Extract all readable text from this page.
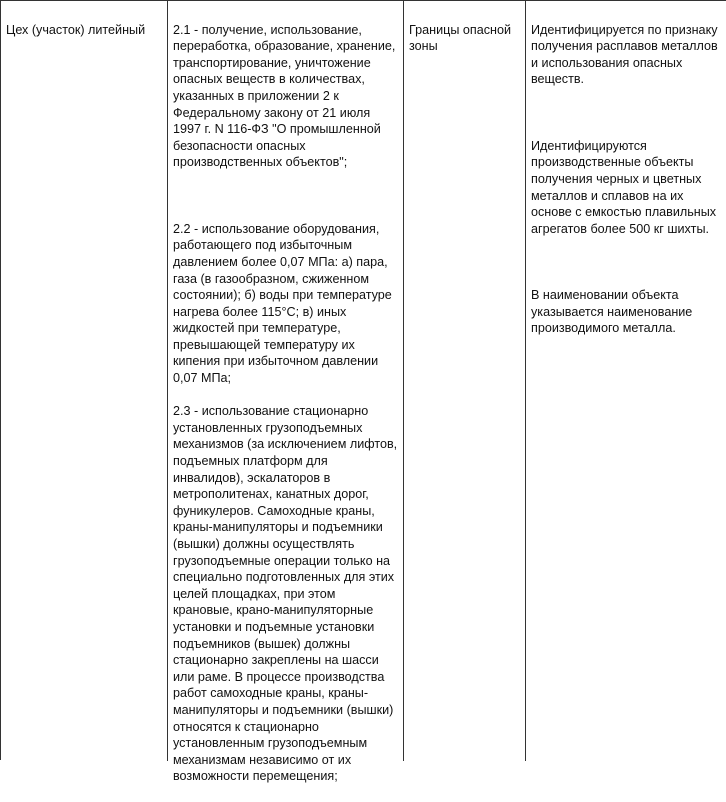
Цех (участок) литейный	2.1 - получение, использование, переработка, образование, хранение, транспортирование, уничтожение опасных веществ в количествах, указанных в приложении 2 к Федеральному закону от 21 июля 1997 г. N 116-ФЗ "О промышленной безопасности опасных производственных объектов";

2.2 - использование оборудования, работающего под избыточным давлением более 0,07 МПа: а) пара, газа (в газообразном, сжиженном состоянии); б) воды при температуре нагрева более 115°С; в) иных жидкостей при температуре, превышающей температуру их кипения при избыточном давлении 0,07 МПа;

2.3 - использование стационарно установленных грузоподъемных механизмов (за исключением лифтов, подъемных платформ для инвалидов), эскалаторов в метрополитенах, канатных дорог, фуникулеров. Самоходные краны, краны-манипуляторы и подъемники (вышки) должны осуществлять грузоподъемные операции только на специально подготовленных для этих целей площадках, при этом крановые, крано-манипуляторные установки и подъемные установки подъемников (вышек) должны стационарно закреплены на шасси или раме. В процессе производства работ самоходные краны, краны-манипуляторы и подъемники (вышки) относятся к стационарно установленным грузоподъемным механизмам независимо от их возможности перемещения;

Границы опасной зоны

Идентифицируется по признаку получения расплавов металлов и использования опасных веществ.

Идентифицируются производственные объекты получения черных и цветных металлов и сплавов на их основе с емкостью плавильных агрегатов более 500 кг шихты.

В наименовании объекта указывается наименование производимого металла.
